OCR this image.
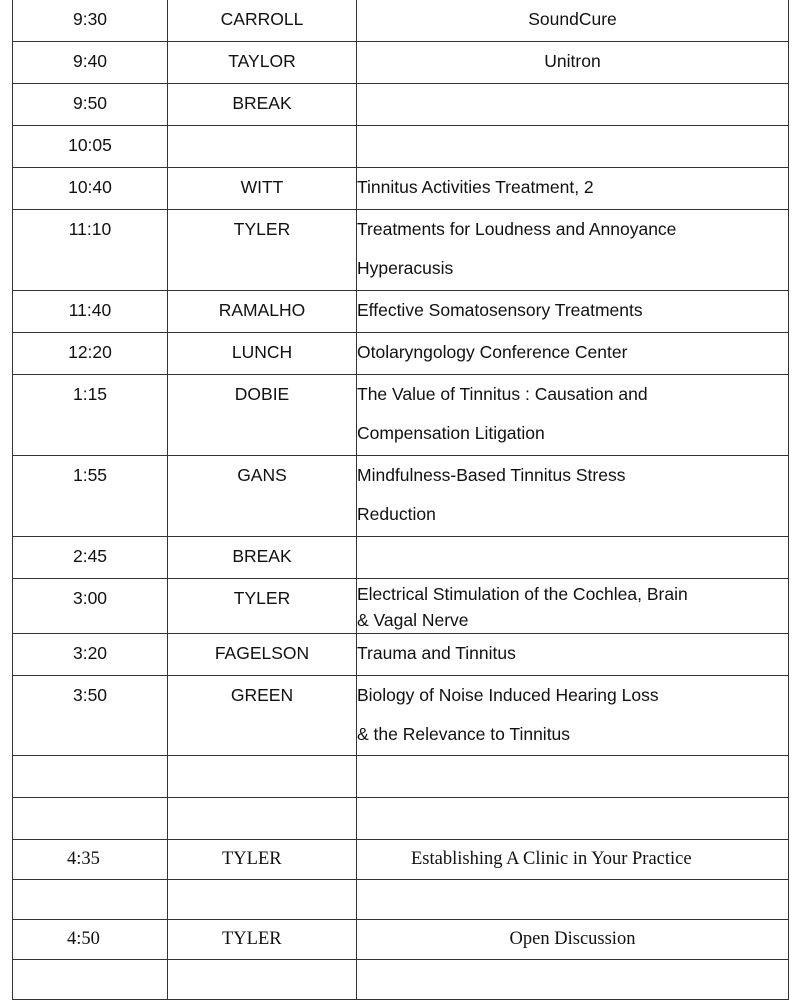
9:30	CARROLL	SoundCure

9:40	TAYLOR	Unitron

9:50	BREAK	
10:05		
10:40	WITT	Tinnitus Activities Treatment, 2

11:10	TYLER	Treatments for Loudness and Annoyance
Hyperacusis

11:40	RAMALHO	Effective Somatosensory Treatments

12:20	LUNCH	Otolaryngology Conference Center

1:15	DOBIE	The Value of Tinnitus : Causation and
Compensation Litigation

1:55	GANS	Mindfulness-Based Tinnitus Stress
Reduction

2:45	BREAK	
3:00	TYLER	Electrical Stimulation of the Cochlea, Brain
& Vagal Nerve

3:20	FAGELSON	Trauma and Tinnitus

3:50	GREEN	Biology of Noise Induced Hearing Loss
& the Relevance to Tinnitus

4:35	TYLER	Establishing A Clinic in Your Practice

4:50	TYLER	Open Discussion
